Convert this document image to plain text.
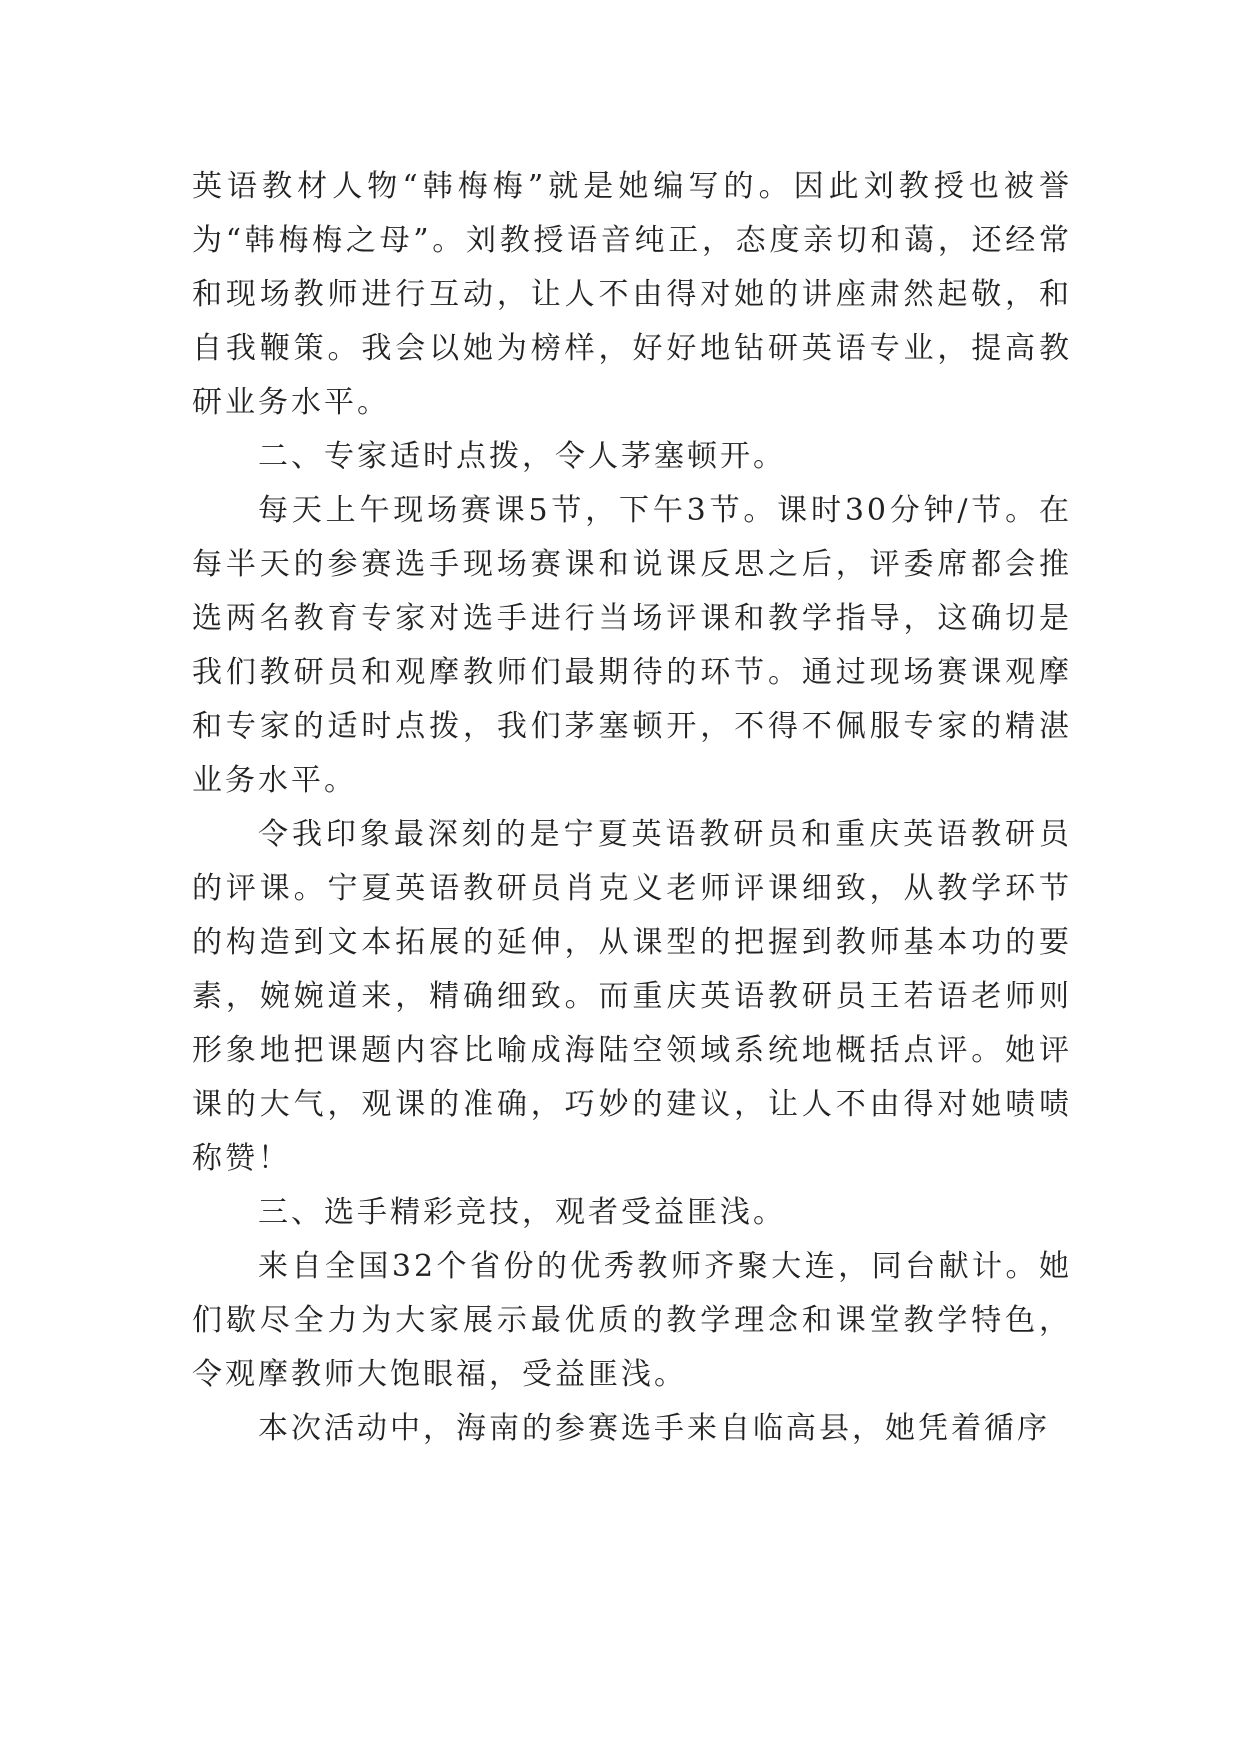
英语教材人物“韩梅梅”就是她编写的。因此刘教授也被誉为“韩梅梅之母”。刘教授语音纯正，态度亲切和蔼，还经常和现场教师进行互动，让人不由得对她的讲座肃然起敬，和自我鞭策。我会以她为榜样，好好地钻研英语专业，提高教研业务水平。

二、专家适时点拨，令人茅塞顿开。

每天上午现场赛课5节，下午3节。课时30分钟/节。在每半天的参赛选手现场赛课和说课反思之后，评委席都会推选两名教育专家对选手进行当场评课和教学指导，这确切是我们教研员和观摩教师们最期待的环节。通过现场赛课观摩和专家的适时点拨，我们茅塞顿开，不得不佩服专家的精湛业务水平。

令我印象最深刻的是宁夏英语教研员和重庆英语教研员的评课。宁夏英语教研员肖克义老师评课细致，从教学环节的构造到文本拓展的延伸，从课型的把握到教师基本功的要素，婉婉道来，精确细致。而重庆英语教研员王若语老师则形象地把课题内容比喻成海陆空领域系统地概括点评。她评课的大气，观课的准确，巧妙的建议，让人不由得对她啧啧称赞！

三、选手精彩竞技，观者受益匪浅。

来自全国32个省份的优秀教师齐聚大连，同台献计。她们歇尽全力为大家展示最优质的教学理念和课堂教学特色，令观摩教师大饱眼福，受益匪浅。

本次活动中，海南的参赛选手来自临高县，她凭着循序
